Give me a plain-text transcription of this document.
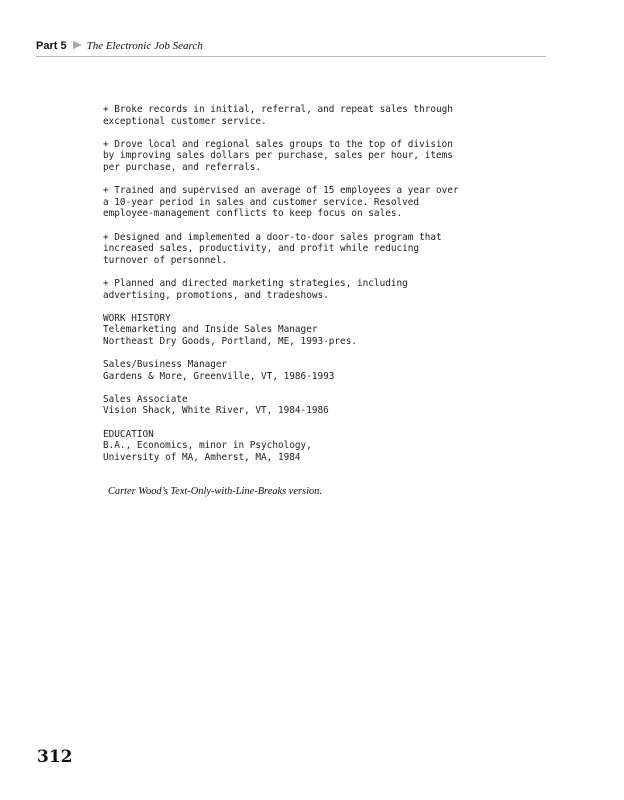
Part 5 The Electronic Job Search
+ Broke records in initial, referral, and repeat sales through
exceptional customer service.

+ Drove local and regional sales groups to the top of division
by improving sales dollars per purchase, sales per hour, items
per purchase, and referrals.

+ Trained and supervised an average of 15 employees a year over
a 10-year period in sales and customer service. Resolved
employee-management conflicts to keep focus on sales.

+ Designed and implemented a door-to-door sales program that
increased sales, productivity, and profit while reducing
turnover of personnel.

+ Planned and directed marketing strategies, including
advertising, promotions, and tradeshows.

WORK HISTORY
Telemarketing and Inside Sales Manager
Northeast Dry Goods, Portland, ME, 1993-pres.

Sales/Business Manager
Gardens & More, Greenville, VT, 1986-1993

Sales Associate
Vision Shack, White River, VT, 1984-1986

EDUCATION
B.A., Economics, minor in Psychology,
University of MA, Amherst, MA, 1984
Carter Wood’s Text-Only-with-Line-Breaks version.
312
